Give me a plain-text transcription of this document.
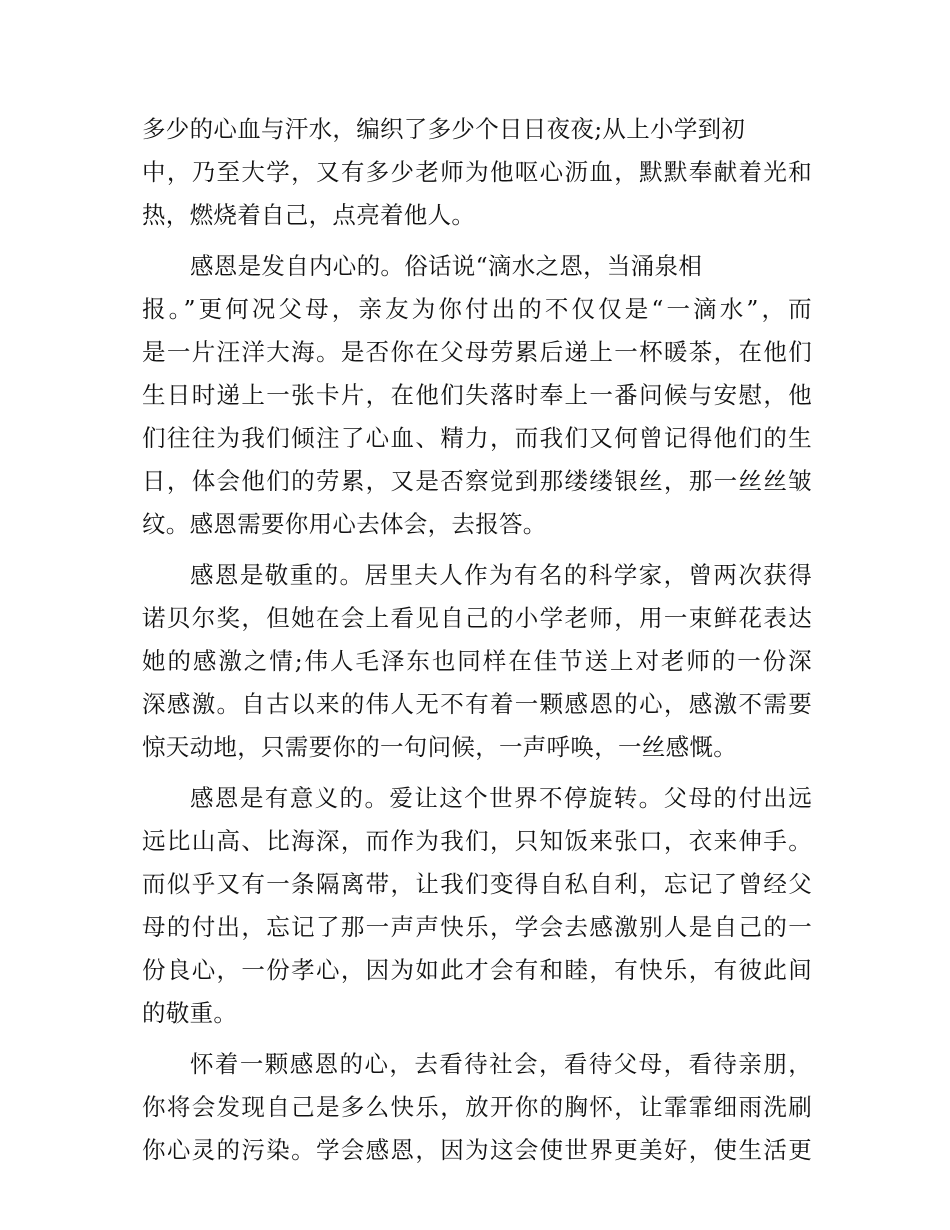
多少的心血与汗水，编织了多少个日日夜夜;从上小学到初
中，乃至大学，又有多少老师为他呕心沥血，默默奉献着光和
热，燃烧着自己，点亮着他人。
感恩是发自内心的。俗话说“滴水之恩，当涌泉相
报。”更何况父母，亲友为你付出的不仅仅是“一滴水”，而
是一片汪洋大海。是否你在父母劳累后递上一杯暖茶，在他们
生日时递上一张卡片，在他们失落时奉上一番问候与安慰，他
们往往为我们倾注了心血、精力，而我们又何曾记得他们的生
日，体会他们的劳累，又是否察觉到那缕缕银丝，那一丝丝皱
纹。感恩需要你用心去体会，去报答。
感恩是敬重的。居里夫人作为有名的科学家，曾两次获得
诺贝尔奖，但她在会上看见自己的小学老师，用一束鲜花表达
她的感激之情;伟人毛泽东也同样在佳节送上对老师的一份深
深感激。自古以来的伟人无不有着一颗感恩的心，感激不需要
惊天动地，只需要你的一句问候，一声呼唤，一丝感慨。
感恩是有意义的。爱让这个世界不停旋转。父母的付出远
远比山高、比海深，而作为我们，只知饭来张口，衣来伸手。
而似乎又有一条隔离带，让我们变得自私自利，忘记了曾经父
母的付出，忘记了那一声声快乐，学会去感激别人是自己的一
份良心，一份孝心，因为如此才会有和睦，有快乐，有彼此间
的敬重。
怀着一颗感恩的心，去看待社会，看待父母，看待亲朋，
你将会发现自己是多么快乐，放开你的胸怀，让霏霏细雨洗刷
你心灵的污染。学会感恩，因为这会使世界更美好，使生活更
